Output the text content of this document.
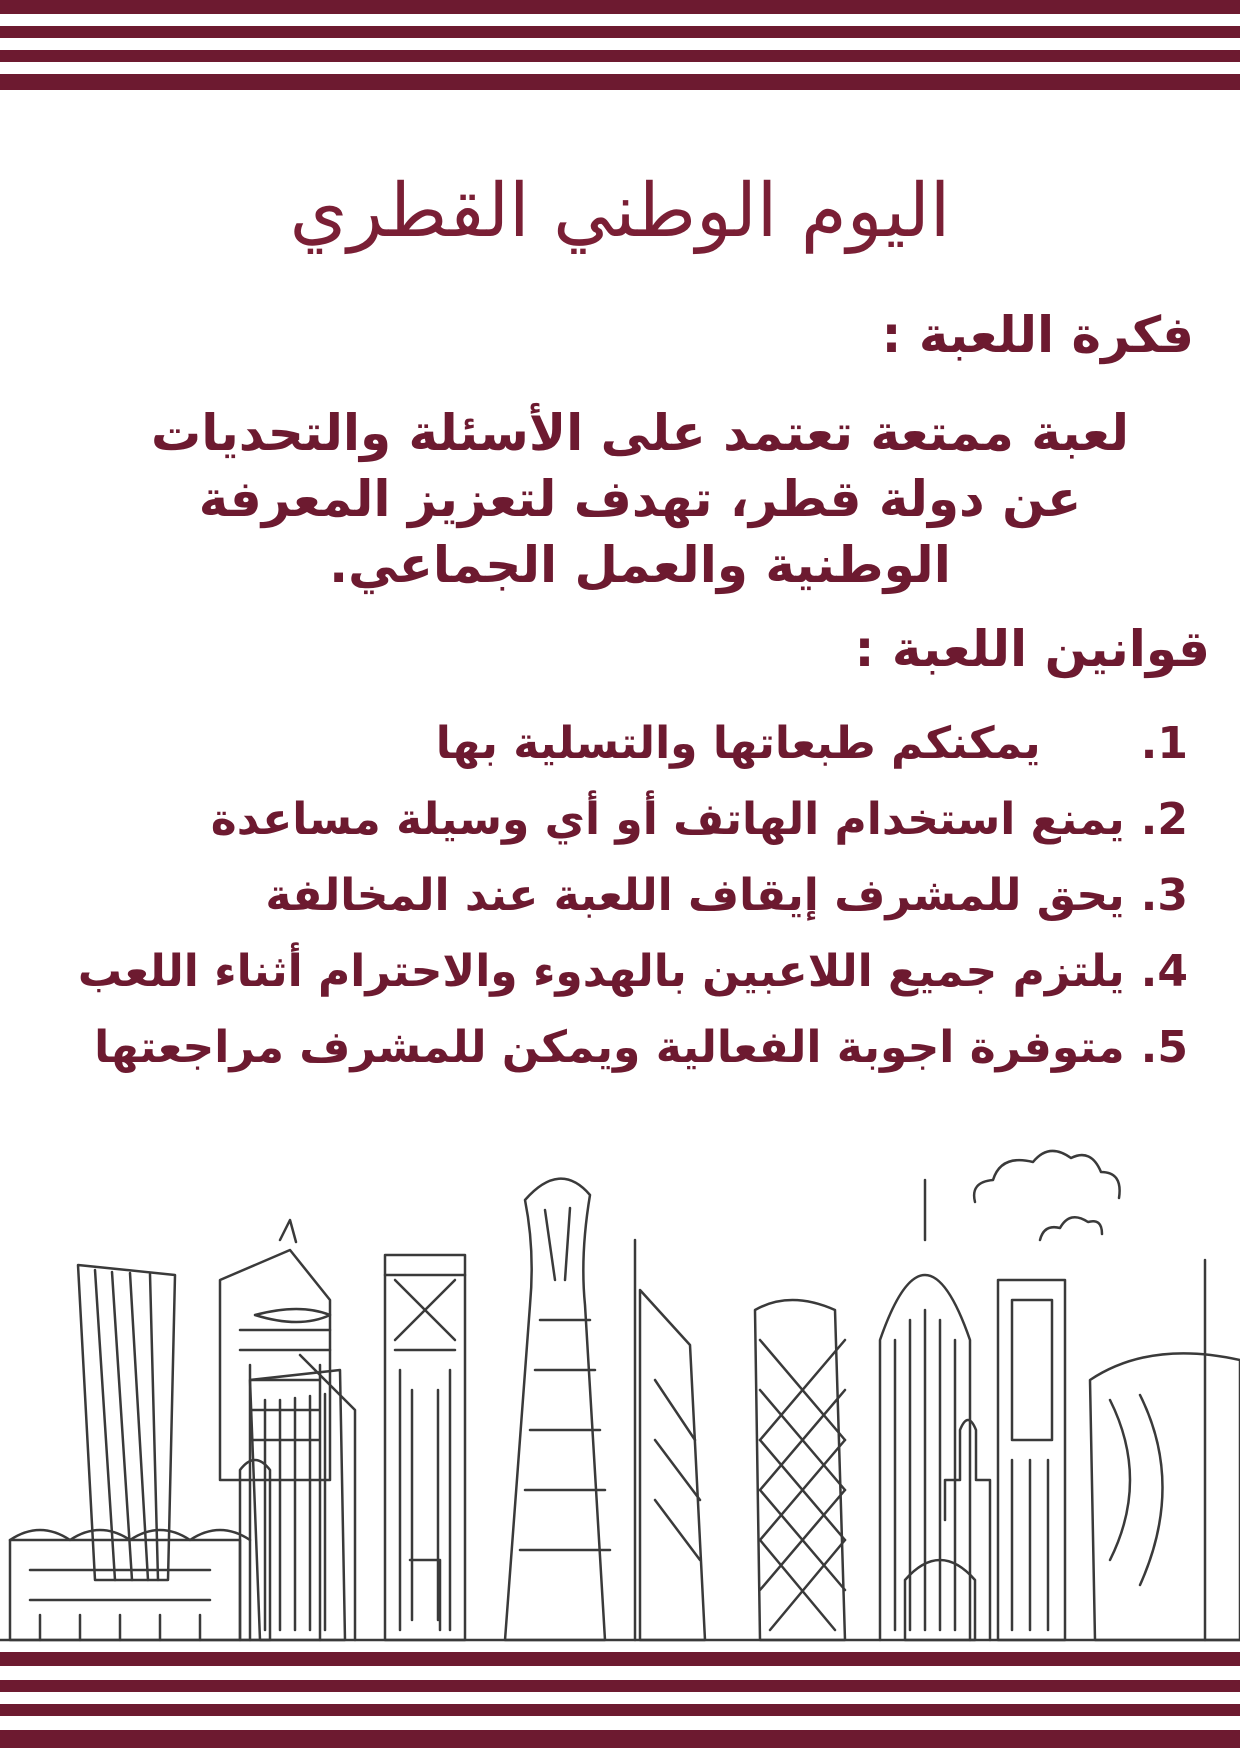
اليوم الوطني القطري
فكرة اللعبة :
لعبة ممتعة تعتمد على الأسئلة والتحديات عن دولة قطر، تهدف لتعزيز المعرفة الوطنية والعمل الجماعي.
قوانين اللعبة :
1.
يمكنكم طبعاتها والتسلية بها
2.
يمنع استخدام الهاتف أو أي وسيلة مساعدة
3.
يحق للمشرف إيقاف اللعبة عند المخالفة
4.
يلتزم جميع اللاعبين بالهدوء والاحترام أثناء اللعب
5.
متوفرة اجوبة الفعالية ويمكن للمشرف مراجعتها
